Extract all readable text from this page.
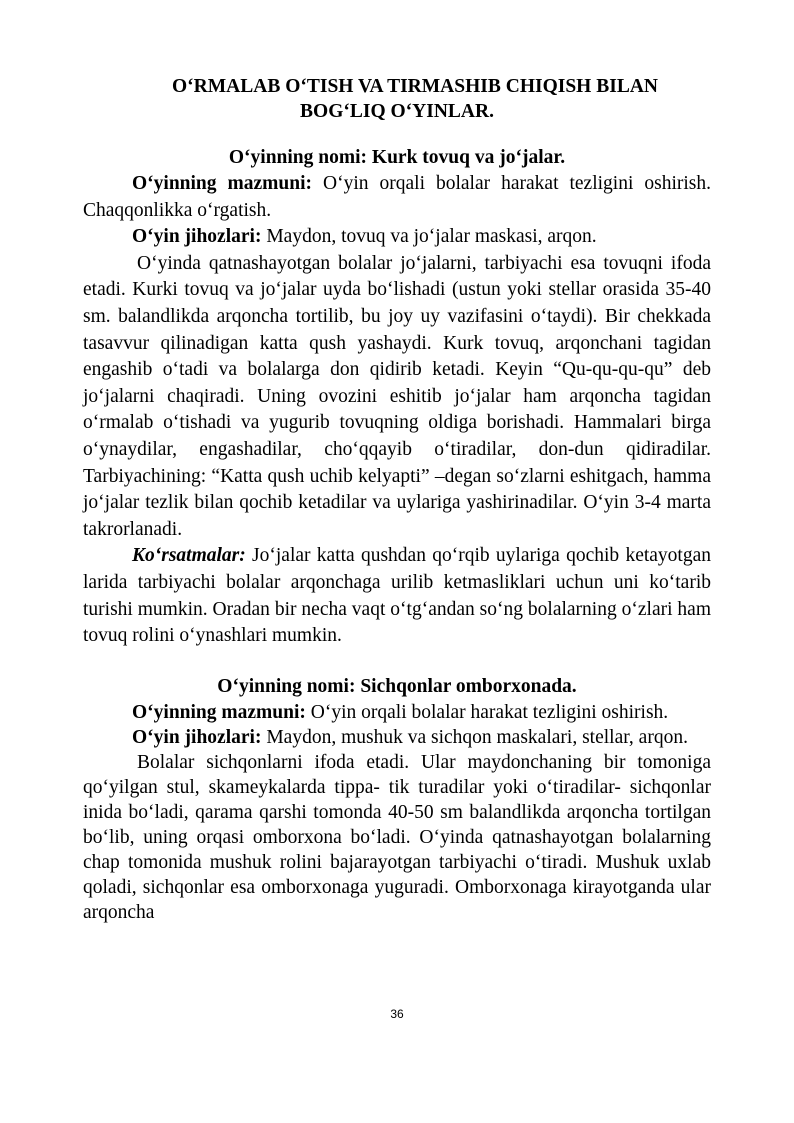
O‘RMALAB O‘TISH VA TIRMASHIB CHIQISH BILAN
BOG‘LIQ O‘YINLAR.
O‘yinning nomi: Kurk tovuq va jo‘jalar.

O‘yinning mazmuni: O‘yin orqali bolalar harakat tezligini oshirish. Chaqqonlikka o‘rgatish.

O‘yin jihozlari: Maydon, tovuq va jo‘jalar maskasi, arqon.

O‘yinda qatnashayotgan bolalar jo‘jalarni, tarbiyachi esa tovuqni ifoda etadi. Kurki tovuq va jo‘jalar uyda bo‘lishadi (ustun yoki stellar orasida 35-40 sm. balandlikda arqoncha tortilib, bu joy uy vazifasini o‘taydi). Bir chekkada tasavvur qilinadigan katta qush yashaydi. Kurk tovuq, arqonchani tagidan engashib o‘tadi va bolalarga don qidirib ketadi. Keyin “Qu-qu-qu-qu” deb jo‘jalarni chaqiradi. Uning ovozini eshitib jo‘jalar ham arqoncha tagidan o‘rmalab o‘tishadi va yugurib tovuqning oldiga borishadi. Hammalari birga o‘ynaydilar, engashadilar, cho‘qqayib o‘tiradilar, don-dun qidiradilar. Tarbiyachining: “Katta qush uchib kelyapti” –degan so‘zlarni eshitgach, hamma jo‘jalar tezlik bilan qochib ketadilar va uylariga yashirinadilar. O‘yin 3-4 marta takrorlanadi.

Ko‘rsatmalar: Jo‘jalar katta qushdan qo‘rqib uylariga qochib ketayotgan larida tarbiyachi bolalar arqonchaga urilib ketmasliklari uchun uni ko‘tarib turishi mumkin. Oradan bir necha vaqt o‘tg‘andan so‘ng bolalarning o‘zlari ham tovuq rolini o‘ynashlari mumkin.

O‘yinning nomi: Sichqonlar omborxonada.

O‘yinning mazmuni: O‘yin orqali bolalar harakat tezligini oshirish.

O‘yin jihozlari: Maydon, mushuk va sichqon maskalari, stellar, arqon.

Bolalar sichqonlarni ifoda etadi. Ular maydonchaning bir tomoniga qo‘yilgan stul, skameykalarda tippa- tik turadilar yoki o‘tiradilar- sichqonlar inida bo‘ladi, qarama qarshi tomonda 40-50 sm balandlikda arqoncha tortilgan bo‘lib, uning orqasi omborxona bo‘ladi. O‘yinda qatnashayotgan bolalarning chap tomonida mushuk rolini bajarayotgan tarbiyachi o‘tiradi. Mushuk uxlab qoladi, sichqonlar esa omborxonaga yuguradi. Omborxonaga kirayotganda ular arqoncha

36
